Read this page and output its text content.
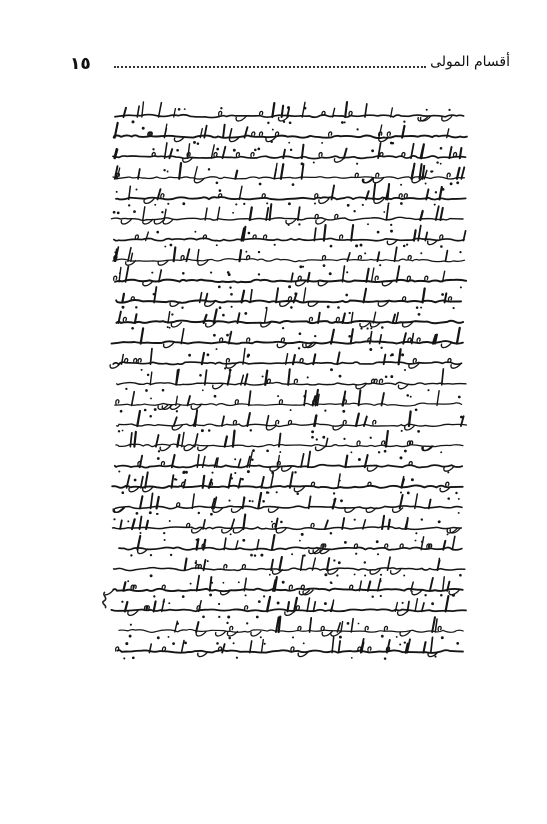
١٥	أقسام المولى
